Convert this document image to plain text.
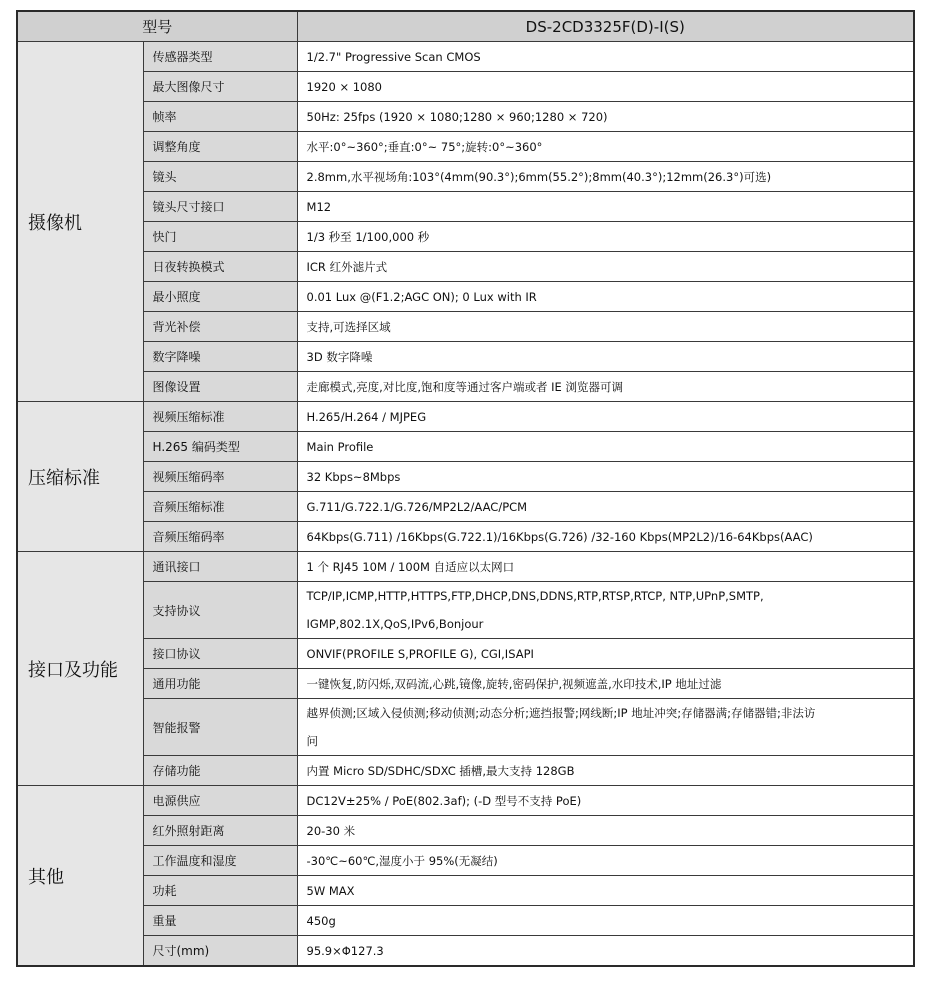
型号		DS-2CD3325F(D)-I(S)
摄像机	传感器类型	1/2.7" Progressive Scan CMOS

	最大图像尺寸	1920 × 1080

	帧率	50Hz: 25fps (1920 × 1080;1280 × 960;1280 × 720)

	调整角度	水平:0°~360°;垂直:0°~ 75°;旋转:0°~360°

	镜头	2.8mm,水平视场角:103°(4mm(90.3°);6mm(55.2°);8mm(40.3°);12mm(26.3°)可选)

	镜头尺寸接口	M12

	快门	1/3 秒至 1/100,000 秒

	日夜转换模式	ICR 红外滤片式

	最小照度	0.01 Lux @(F1.2;AGC ON); 0 Lux with IR

	背光补偿	支持,可选择区域

	数字降噪	3D 数字降噪

	图像设置	走廊模式,亮度,对比度,饱和度等通过客户端或者 IE 浏览器可调

压缩标准	视频压缩标准	H.265/H.264 / MJPEG

	H.265 编码类型	Main Profile

	视频压缩码率	32 Kbps~8Mbps

	音频压缩标准	G.711/G.722.1/G.726/MP2L2/AAC/PCM

	音频压缩码率	64Kbps(G.711) /16Kbps(G.722.1)/16Kbps(G.726) /32-160 Kbps(MP2L2)/16-64Kbps(AAC)

接口及功能	通讯接口	1 个 RJ45 10M / 100M 自适应以太网口

	支持协议	TCP/IP,ICMP,HTTP,HTTPS,FTP,DHCP,DNS,DDNS,RTP,RTSP,RTCP, NTP,UPnP,SMTP,
IGMP,802.1X,QoS,IPv6,Bonjour

	接口协议	ONVIF(PROFILE S,PROFILE G), CGI,ISAPI

	通用功能	一键恢复,防闪烁,双码流,心跳,镜像,旋转,密码保护,视频遮盖,水印技术,IP 地址过滤

	智能报警	越界侦测;区域入侵侦测;移动侦测;动态分析;遮挡报警;网线断;IP 地址冲突;存储器满;存储器错;非法访
问

	存储功能	内置 Micro SD/SDHC/SDXC 插槽,最大支持 128GB

其他	电源供应	DC12V±25% / PoE(802.3af); (-D 型号不支持 PoE)

	红外照射距离	20-30 米

	工作温度和湿度	-30℃~60℃,湿度小于 95%(无凝结)

	功耗	5W MAX

	重量	450g

	尺寸(mm)	95.9×Φ127.3
